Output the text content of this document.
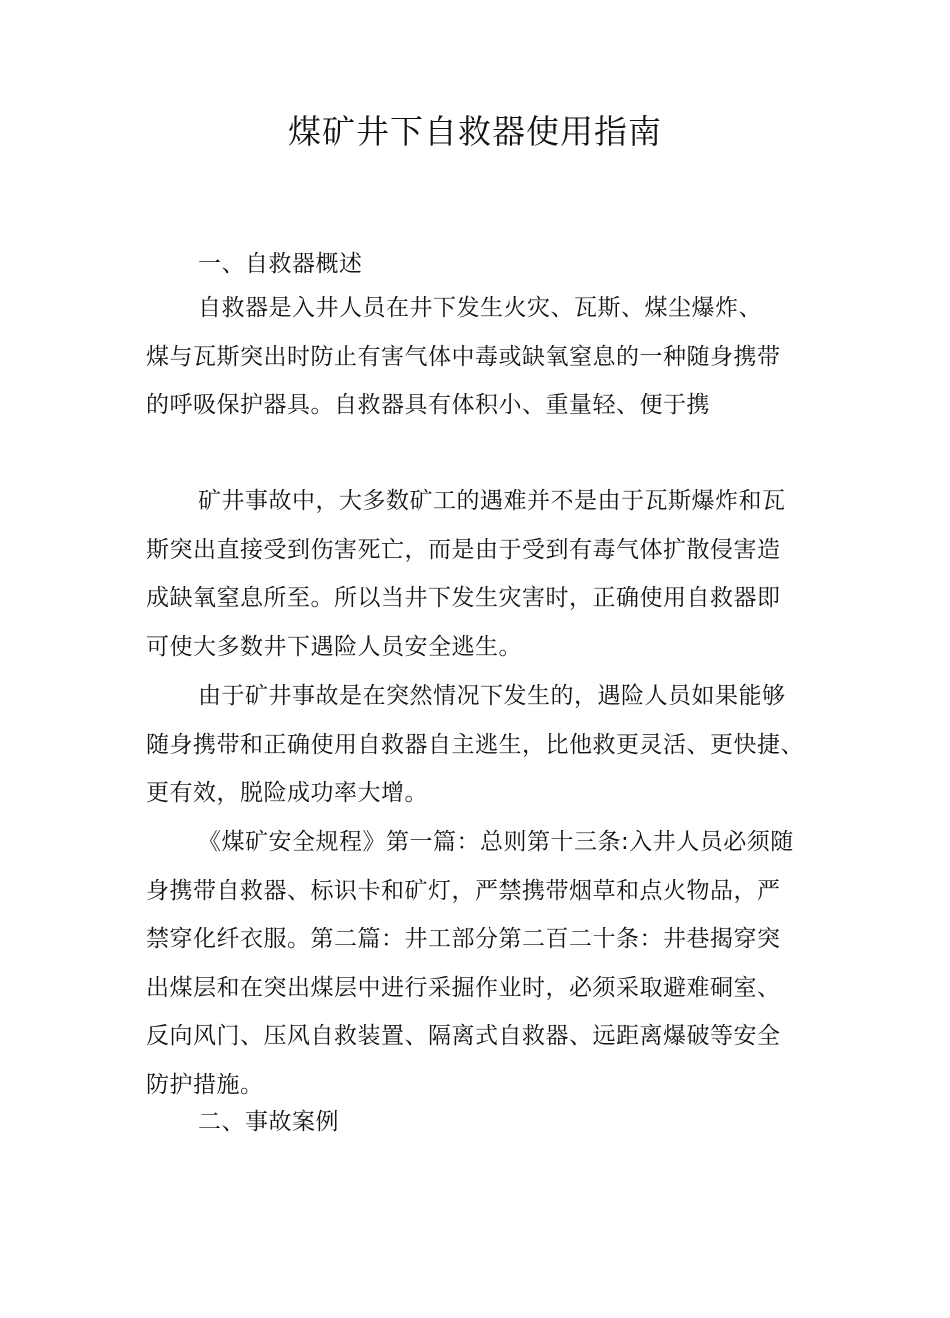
煤矿井下自救器使用指南
一、自救器概述
自救器是入井人员在井下发生火灾、瓦斯、煤尘爆炸、
煤与瓦斯突出时防止有害气体中毒或缺氧窒息的一种随身携带
的呼吸保护器具。自救器具有体积小、重量轻、便于携
矿井事故中，大多数矿工的遇难并不是由于瓦斯爆炸和瓦
斯突出直接受到伤害死亡，而是由于受到有毒气体扩散侵害造
成缺氧窒息所至。所以当井下发生灾害时，正确使用自救器即
可使大多数井下遇险人员安全逃生。
由于矿井事故是在突然情况下发生的，遇险人员如果能够
随身携带和正确使用自救器自主逃生，比他救更灵活、更快捷、
更有效，脱险成功率大增。
《煤矿安全规程》第一篇：总则第十三条:入井人员必须随
身携带自救器、标识卡和矿灯，严禁携带烟草和点火物品，严
禁穿化纤衣服。第二篇：井工部分第二百二十条：井巷揭穿突
出煤层和在突出煤层中进行采掘作业时，必须采取避难硐室、
反向风门、压风自救装置、隔离式自救器、远距离爆破等安全
防护措施。
二、事故案例
